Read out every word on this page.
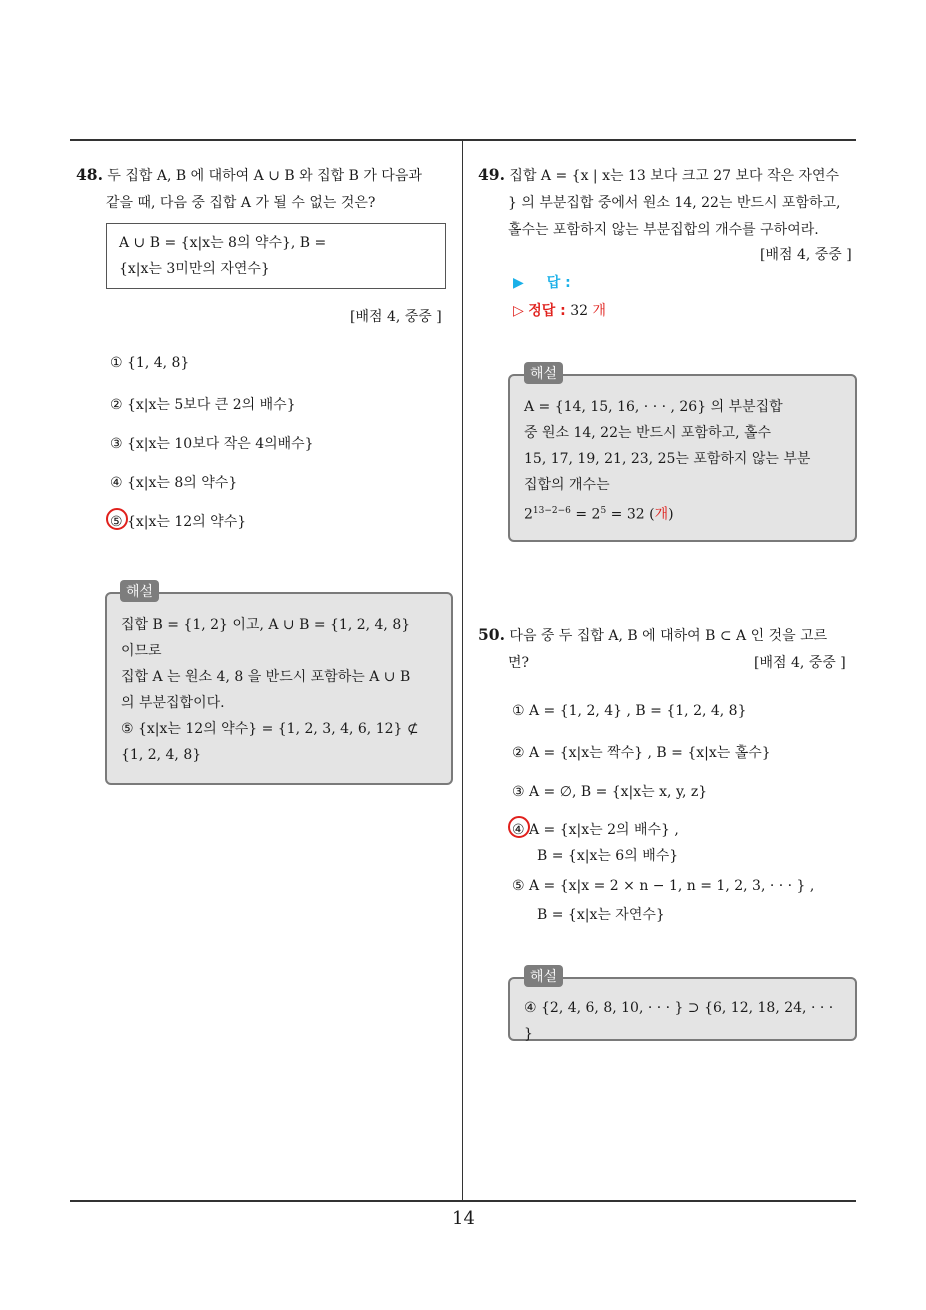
48. 두 집합 A, B 에 대하여 A ∪ B 와 집합 B 가 다음과
같을 때, 다음 중 집합 A 가 될 수 없는 것은?
A ∪ B = {x|x는 8의 약수}, B =
{x|x는 3미만의 자연수}
[배점 4, 중중 ]
① {1, 4, 8}
② {x|x는 5보다 큰 2의 배수}
③ {x|x는 10보다 작은 4의배수}
④ {x|x는 8의 약수}
⑤ {x|x는 12의 약수}
집합 B = {1, 2} 이고, A ∪ B = {1, 2, 4, 8}
이므로
집합 A 는 원소 4, 8 을 반드시 포함하는 A ∪ B
의 부분집합이다.
⑤ {x|x는 12의 약수} = {1, 2, 3, 4, 6, 12} ⊄
{1, 2, 4, 8}
해설
49. 집합 A = {x | x는 13 보다 크고 27 보다 작은 자연수
} 의 부분집합 중에서 원소 14, 22는 반드시 포함하고,
홀수는 포함하지 않는 부분집합의 개수를 구하여라.
[배점 4, 중중 ]
▶ 답 :
▷ 정답 : 32 개
A = {14, 15, 16, · · · , 26} 의 부분집합
중 원소 14, 22는 반드시 포함하고, 홀수
15, 17, 19, 21, 23, 25는 포함하지 않는 부분
집합의 개수는
$2^{13-2-6} = 2^5 = 32$ (개)
해설
50. 다음 중 두 집합 A, B 에 대하여 B ⊂ A 인 것을 고르
면?	[배점 4, 중중 ]
① A = {1, 2, 4} , B = {1, 2, 4, 8}
② A = {x|x는 짝수} , B = {x|x는 홀수}
③ A = ∅, B = {x|x는 x, y, z}
④ A = {x|x는 2의 배수} ,
B = {x|x는 6의 배수}
⑤ A = {x|x = 2 × n − 1, n = 1, 2, 3, · · · } ,
B = {x|x는 자연수}
④ {2, 4, 6, 8, 10, · · · } ⊃ {6, 12, 18, 24, · · · }
해설
14
